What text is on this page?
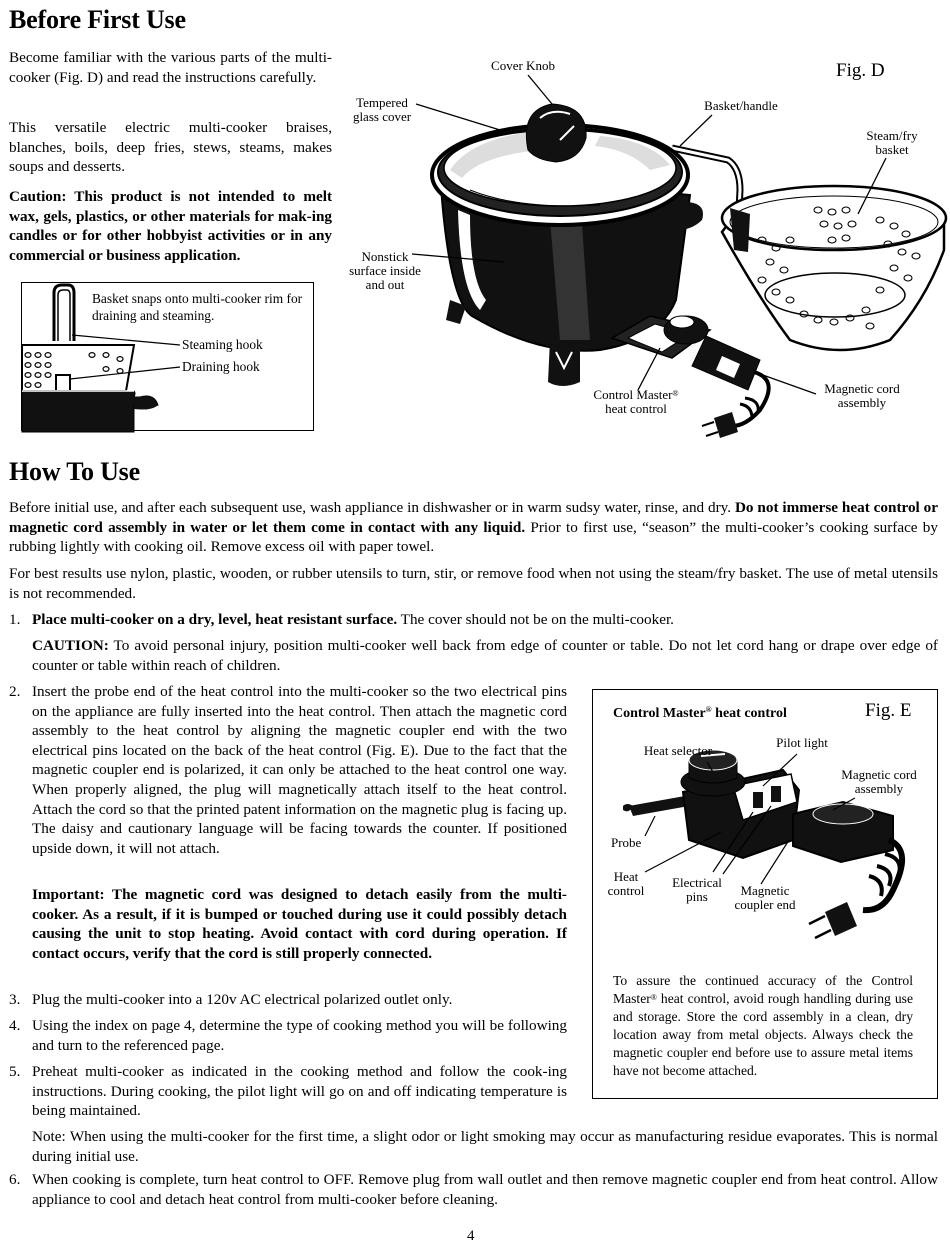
Before First Use

Become familiar with the various parts of the multi-cooker (Fig. D) and read the instructions carefully.

This versatile electric multi-cooker braises, blanches, boils, deep fries, stews, steams, makes soups and desserts.

Caution: This product is not intended to melt wax, gels, plastics, or other materials for mak-ing candles or for other hobbyist activities or in any commercial or business application.

Basket snaps onto multi-cooker rim for draining and steaming.
Steaming hook
Draining hook
Fig. D
Cover Knob
Tempered glass cover
Basket/handle
Steam/fry basket
Nonstick surface inside and out
Control Master®
heat control
Magnetic cord assembly
How To Use

Before initial use, and after each subsequent use, wash appliance in dishwasher or in warm sudsy water, rinse, and dry. Do not immerse heat control or magnetic cord assembly in water or let them come in contact with any liquid. Prior to first use, “season” the multi-cooker’s cooking surface by rubbing lightly with cooking oil. Remove excess oil with paper towel.

For best results use nylon, plastic, wooden, or rubber utensils to turn, stir, or remove food when not using the steam/fry basket. The use of metal utensils is not recommended.

1. Place multi-cooker on a dry, level, heat resistant surface. The cover should not be on the multi-cooker.

CAUTION: To avoid personal injury, position multi-cooker well back from edge of counter or table. Do not let cord hang or drape over edge of counter or table within reach of children.

2. Insert the probe end of the heat control into the multi-cooker so the two electrical pins on the appliance are fully inserted into the heat control. Then attach the magnetic cord assembly to the heat control by aligning the magnetic coupler end with the two electrical pins located on the back of the heat control (Fig. E). Due to the fact that the magnetic coupler end is polarized, it can only be attached to the heat control one way. When properly aligned, the plug will magnetically attach itself to the heat control. Attach the cord so that the printed patent information on the magnetic plug is facing up. The daisy and cautionary language will be facing towards the counter. If positioned upside down, it will not attach.

Important: The magnetic cord was designed to detach easily from the multi-cooker. As a result, if it is bumped or touched during use it could possibly detach causing the unit to stop heating. Avoid contact with cord during operation. If contact occurs, verify that the cord is still properly connected.

3. Plug the multi-cooker into a 120v AC electrical polarized outlet only.

4. Using the index on page 4, determine the type of cooking method you will be following and turn to the referenced page.

5. Preheat multi-cooker as indicated in the cooking method and follow the cook-ing instructions. During cooking, the pilot light will go on and off indicating temperature is being maintained.

Note: When using the multi-cooker for the first time, a slight odor or light smoking may occur as manufacturing residue evaporates. This is normal during initial use.

6. When cooking is complete, turn heat control to OFF. Remove plug from wall outlet and then remove magnetic coupler end from heat control. Allow appliance to cool and detach heat control from multi-cooker before cleaning.

Control Master® heat control	Fig. E
Heat selector
Pilot light
Magnetic cord assembly
Probe
Heat control
Electrical pins	Magnetic coupler end

To assure the continued accuracy of the Control Master® heat control, avoid rough handling during use and storage. Store the cord assembly in a clean, dry location away from metal objects. Always check the magnetic coupler end before use to assure metal items have not become attached.

4
